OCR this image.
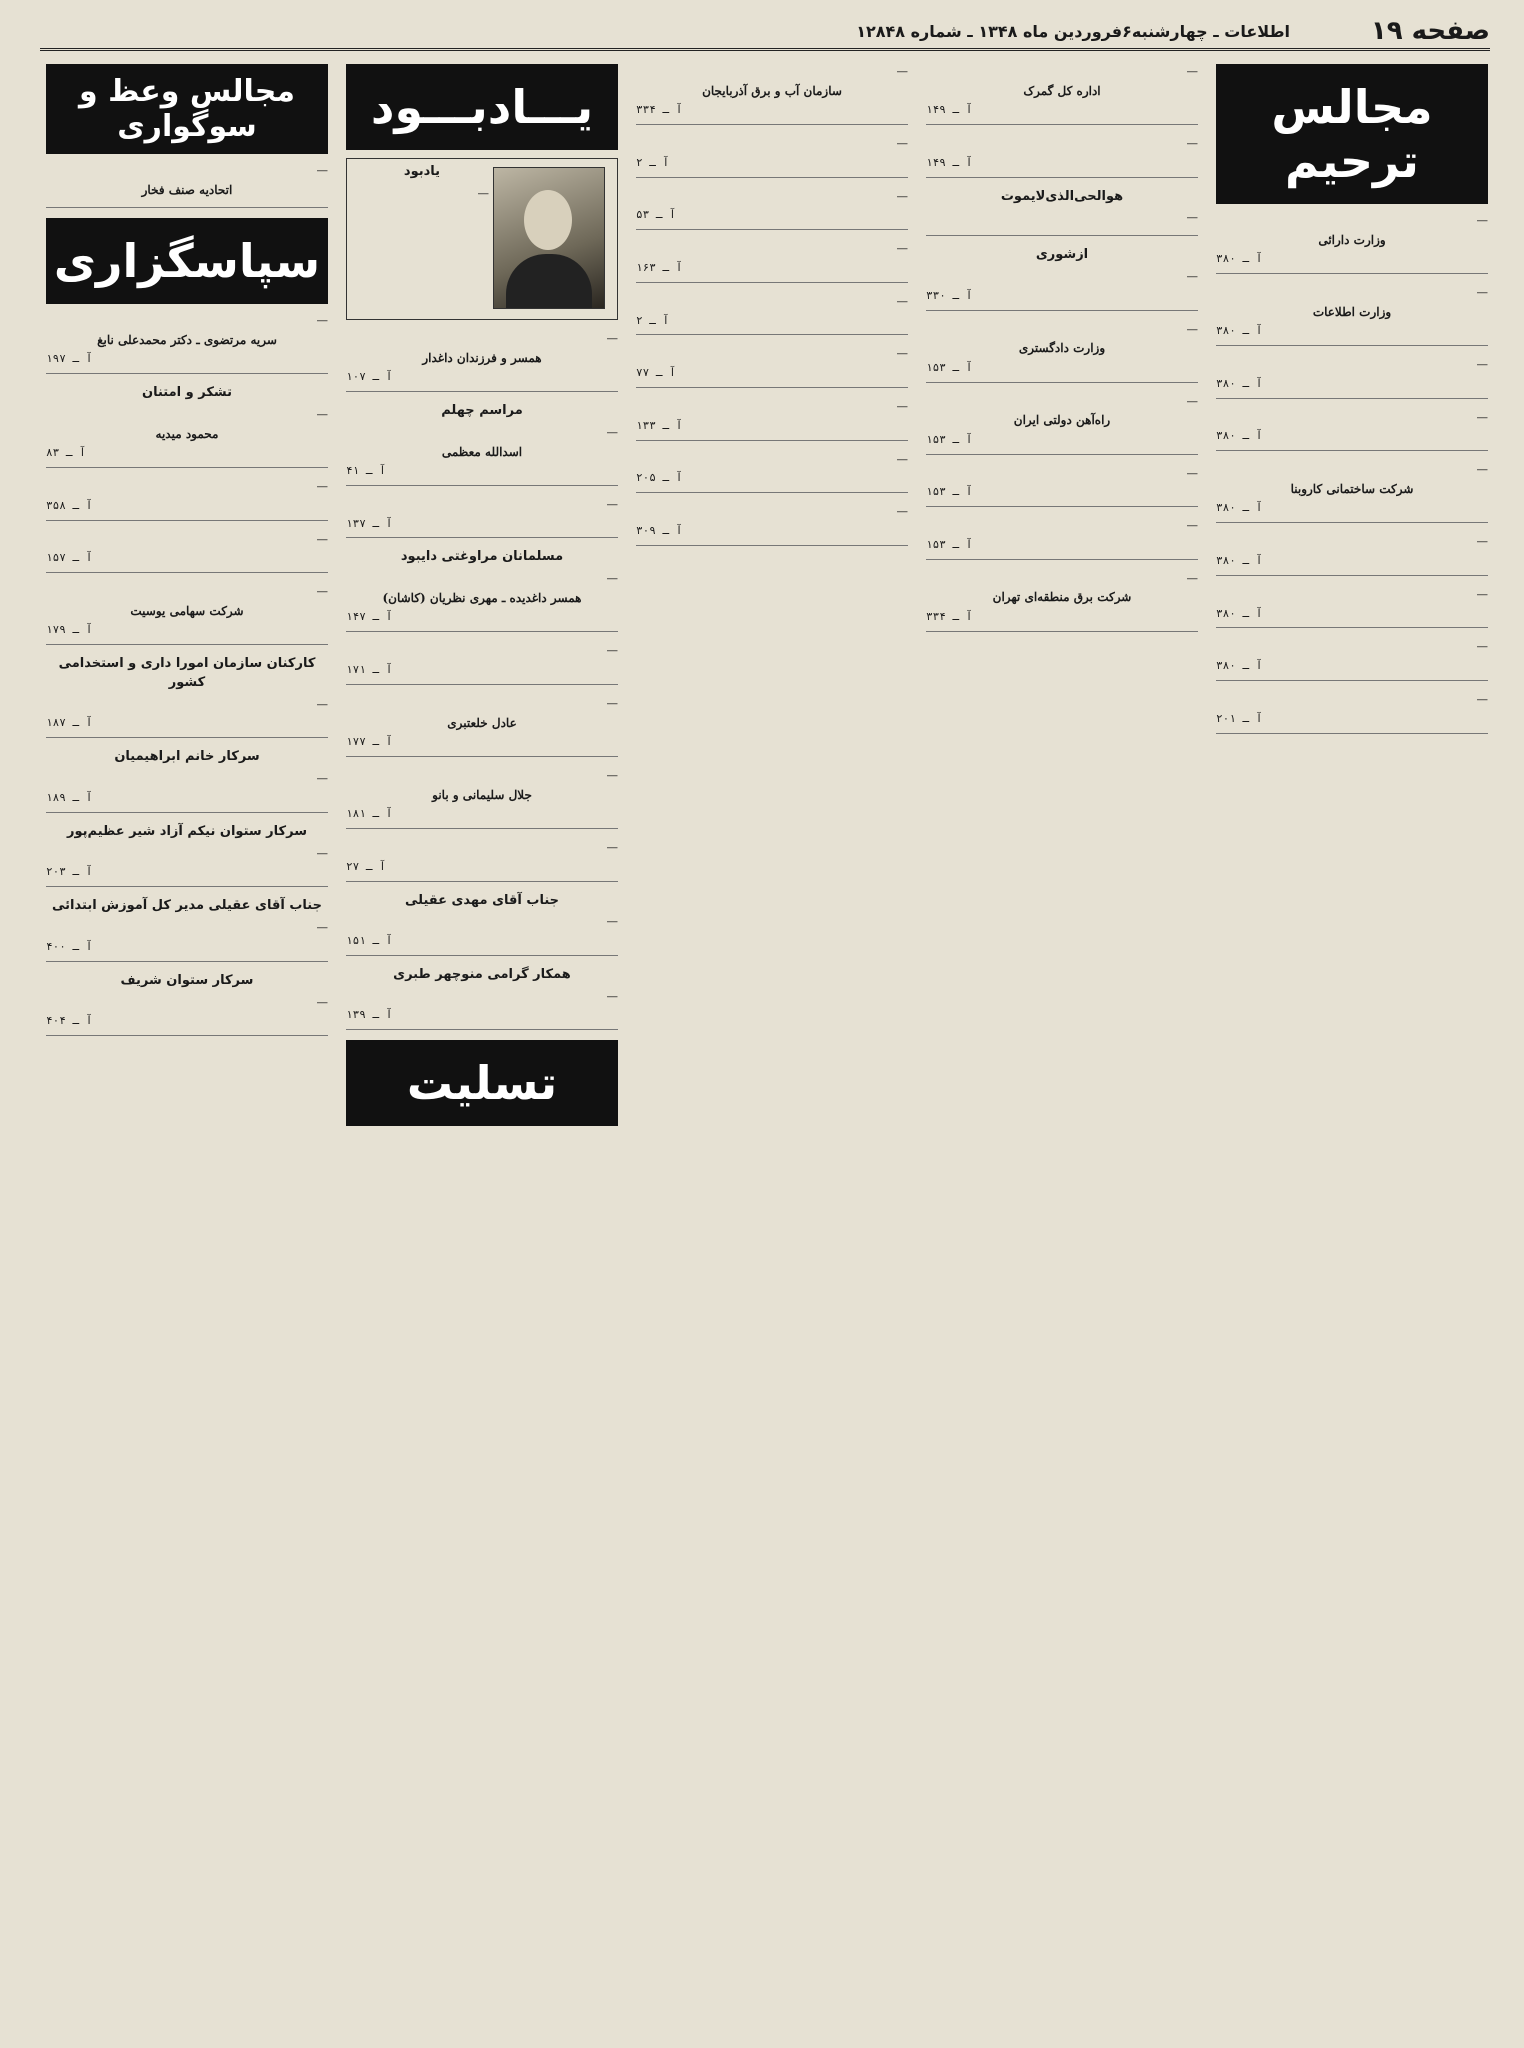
صفحه ۱۹
اطلاعات ـ چهارشنبه۶فروردین ماه ۱۳۴۸ ـ شماره ۱۲۸۴۸
مجالس ترحيم
—
وزارت دارائی
آ ـ ۳۸۰
—
وزارت اطلاعات
آ ـ ۳۸۰
—
آ ـ ۳۸۰
—
آ ـ ۳۸۰
—
شرکت ساختمانی کاروبنا
آ ـ ۳۸۰
—
آ ـ ۳۸۰
—
آ ـ ۳۸۰
—
آ ـ ۳۸۰
—
آ ـ ۲۰۱
—
اداره کل گمرک
آ ـ ۱۴۹
—
آ ـ ۱۴۹
هوالحی‌الذی‌لایموت
—
ازشوری
—
آ ـ ۳۳۰
—
وزارت دادگستری
آ ـ ۱۵۳
—
راه‌آهن دولتی ایران
آ ـ ۱۵۳
—
آ ـ ۱۵۳
—
آ ـ ۱۵۳
—
شرکت برق منطقه‌ای تهران
آ ـ ۳۳۴
—
سازمان آب و برق آذربایجان
آ ـ ۳۳۴
—
آ ـ ۲
—
آ ـ ۵۳
—
آ ـ ۱۶۳
—
آ ـ ۲
—
آ ـ ۷۷
—
آ ـ ۱۳۳
—
آ ـ ۲۰۵
—
آ ـ ۳۰۹
يـــادبـــود
یادبود
—
—
همسر و فرزندان داغدار
آ ـ ۱۰۷
مراسم چهلم
—
اسدالله معظمی
آ ـ ۴۱
—
آ ـ ۱۳۷
مسلمانان مراوغتی دایبود
—
همسر داغدیده ـ مهری نظریان (کاشان)
آ ـ ۱۴۷
—
آ ـ ۱۷۱
—
عادل خلعتبری
آ ـ ۱۷۷
—
جلال سلیمانی و بانو
آ ـ ۱۸۱
—
آ ـ ۲۷
جناب آقای مهدی عقیلی
—
آ ـ ۱۵۱
همکار گرامی منوچهر طبری
—
آ ـ ۱۳۹
تسليت
مجالس وعظ و سوگواری
—
اتحادیه صنف فخار
سپاسگزاری
—
سریه مرتضوی ـ دکتر محمدعلی نابغ
آ ـ ۱۹۷
تشکر و امتنان
—
محمود میدیه
آ ـ ۸۳
—
آ ـ ۳۵۸
—
آ ـ ۱۵۷
—
شرکت سهامی یوسیت
آ ـ ۱۷۹
کارکنان سازمان امورا داری و استخدامی کشور
—
آ ـ ۱۸۷
سرکار خانم ابراهیمیان
—
آ ـ ۱۸۹
سرکار ستوان نیکم آزاد شیر عظیم‌پور
—
آ ـ ۲۰۳
جناب آقای عقیلی مدیر کل آموزش ابتدائی
—
آ ـ ۴۰۰
سرکار ستوان شریف
—
آ ـ ۴۰۴
